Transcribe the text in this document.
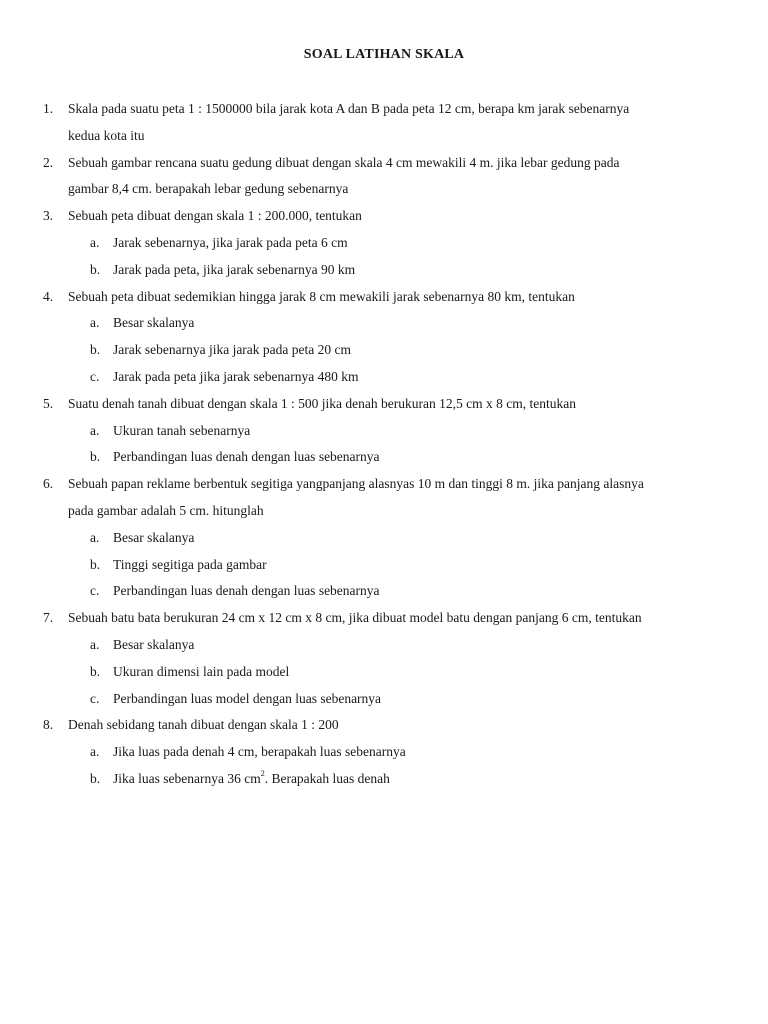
SOAL LATIHAN SKALA
1. Skala pada suatu peta 1 : 1500000 bila jarak kota A dan B pada peta 12 cm, berapa km jarak sebenarnya
kedua kota itu
2. Sebuah gambar rencana suatu gedung dibuat dengan skala 4 cm mewakili 4 m. jika lebar gedung pada
gambar 8,4 cm. berapakah lebar gedung sebenarnya
3. Sebuah peta dibuat dengan skala 1 : 200.000, tentukan
a. Jarak sebenarnya, jika jarak pada peta 6 cm
b. Jarak pada peta, jika jarak sebenarnya 90 km
4. Sebuah peta dibuat sedemikian hingga jarak 8 cm mewakili jarak sebenarnya 80 km, tentukan
a. Besar skalanya
b. Jarak sebenarnya jika jarak pada peta 20 cm
c. Jarak pada peta jika jarak sebenarnya 480 km
5. Suatu denah tanah dibuat dengan skala 1 : 500 jika denah berukuran 12,5 cm x 8 cm, tentukan
a. Ukuran tanah sebenarnya
b. Perbandingan luas denah dengan luas sebenarnya
6. Sebuah papan reklame berbentuk segitiga yangpanjang alasnyas 10 m dan tinggi 8 m. jika panjang alasnya
pada gambar adalah 5 cm. hitunglah
a. Besar skalanya
b. Tinggi segitiga pada gambar
c. Perbandingan luas denah dengan luas sebenarnya
7. Sebuah batu bata berukuran 24 cm x 12 cm x 8 cm, jika dibuat model batu dengan panjang 6 cm, tentukan
a. Besar skalanya
b. Ukuran dimensi lain pada model
c. Perbandingan luas model dengan luas sebenarnya
8. Denah sebidang tanah dibuat dengan skala 1 : 200
a. Jika luas pada denah 4 cm, berapakah luas sebenarnya
b. Jika luas sebenarnya 36 $cm^2$. Berapakah luas denah
